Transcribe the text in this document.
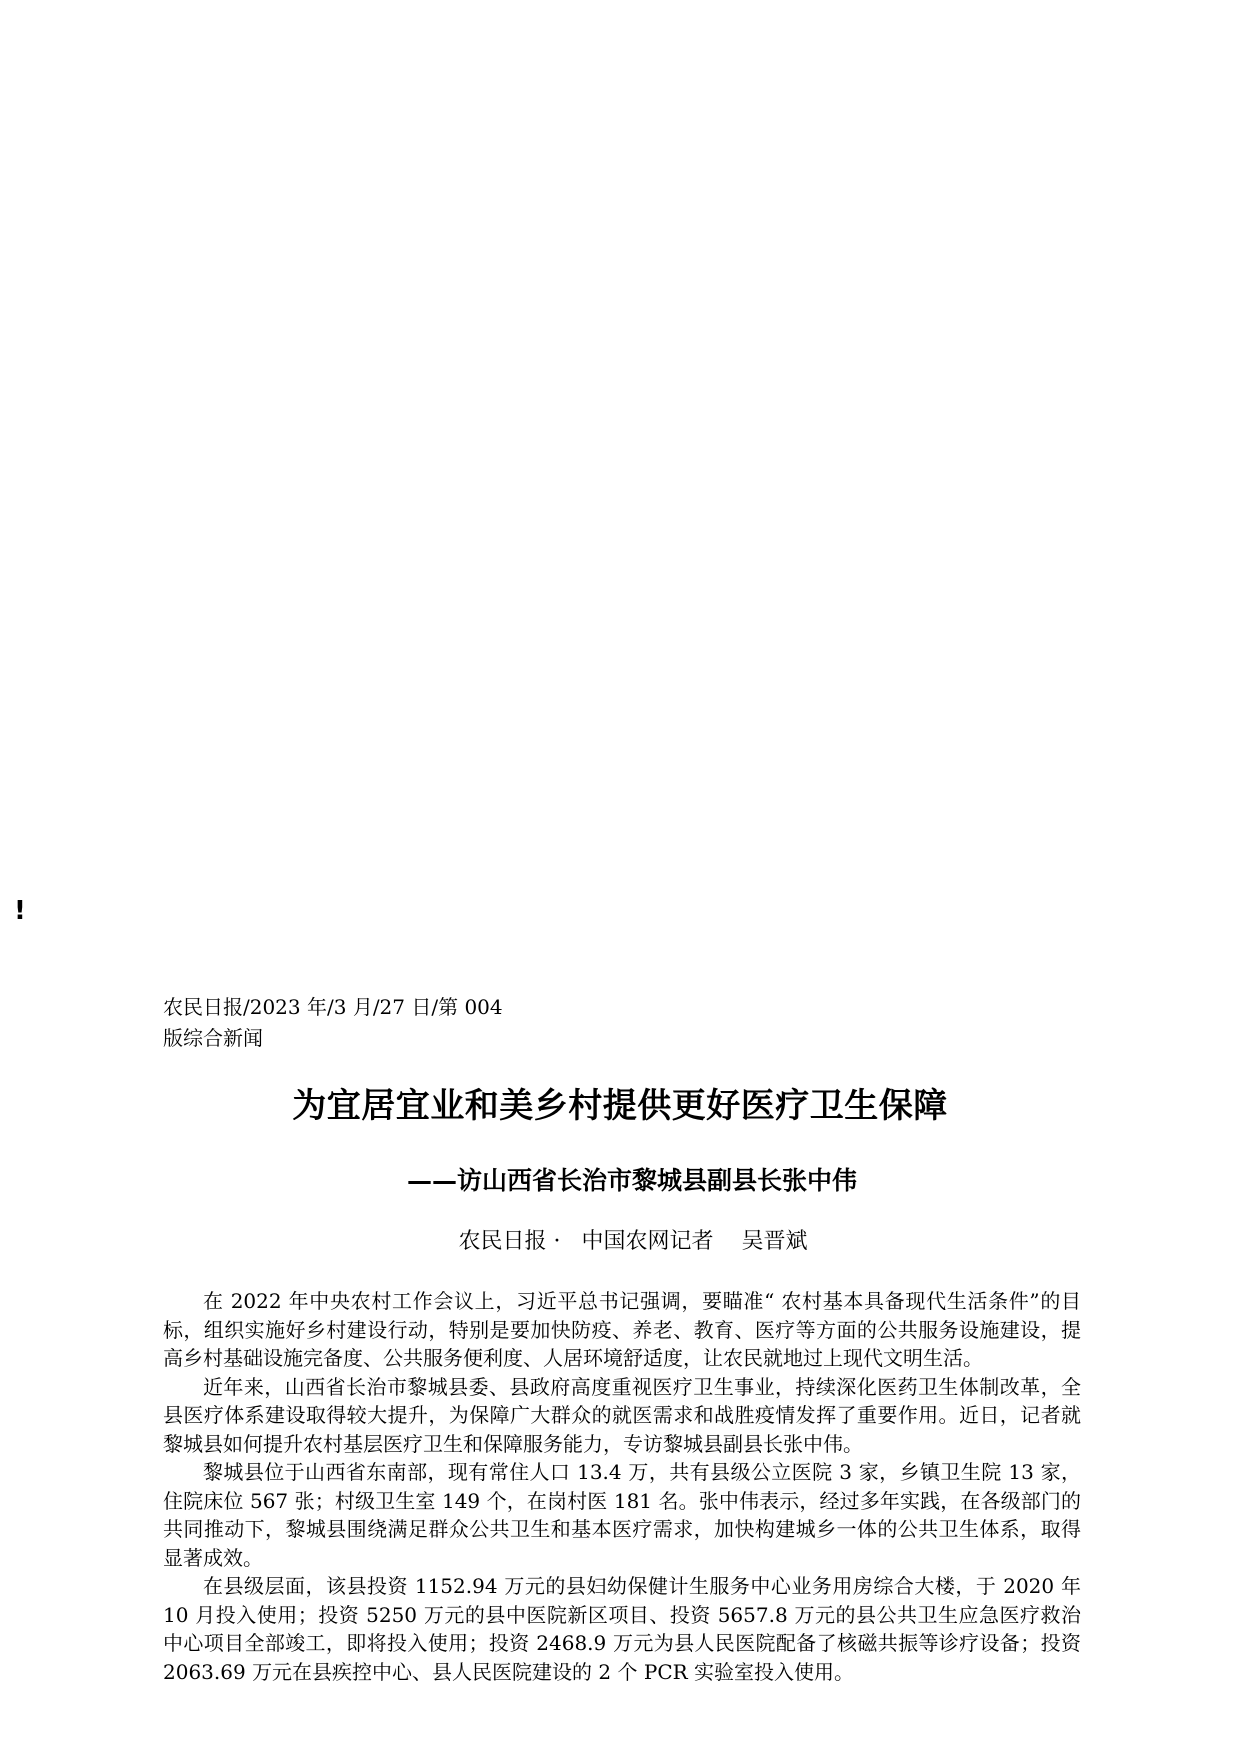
!
农民日报/2023 年/3 月/27 日/第 004
版综合新闻
为宜居宜业和美乡村提供更好医疗卫生保障
——访山西省长治市黎城县副县长张中伟
农民日报 ·   中国农网记者    吴晋斌

在 2022 年中央农村工作会议上，习近平总书记强调，要瞄准“ 农村基本具备现代生活条件”的目标，组织实施好乡村建设行动，特别是要加快防疫、养老、教育、医疗等方面的公共服务设施建设，提高乡村基础设施完备度、公共服务便利度、人居环境舒适度，让农民就地过上现代文明生活。

近年来，山西省长治市黎城县委、县政府高度重视医疗卫生事业，持续深化医药卫生体制改革，全县医疗体系建设取得较大提升，为保障广大群众的就医需求和战胜疫情发挥了重要作用。近日，记者就黎城县如何提升农村基层医疗卫生和保障服务能力，专访黎城县副县长张中伟。

黎城县位于山西省东南部，现有常住人口 13.4 万，共有县级公立医院 3 家，乡镇卫生院 13 家，住院床位 567 张；村级卫生室 149 个，在岗村医 181 名。张中伟表示，经过多年实践，在各级部门的共同推动下，黎城县围绕满足群众公共卫生和基本医疗需求，加快构建城乡一体的公共卫生体系，取得显著成效。

在县级层面，该县投资 1152.94 万元的县妇幼保健计生服务中心业务用房综合大楼，于 2020 年 10 月投入使用；投资 5250 万元的县中医院新区项目、投资 5657.8 万元的县公共卫生应急医疗救治中心项目全部竣工，即将投入使用；投资 2468.9 万元为县人民医院配备了核磁共振等诊疗设备；投资 2063.69 万元在县疾控中心、县人民医院建设的 2 个 PCR 实验室投入使用。
